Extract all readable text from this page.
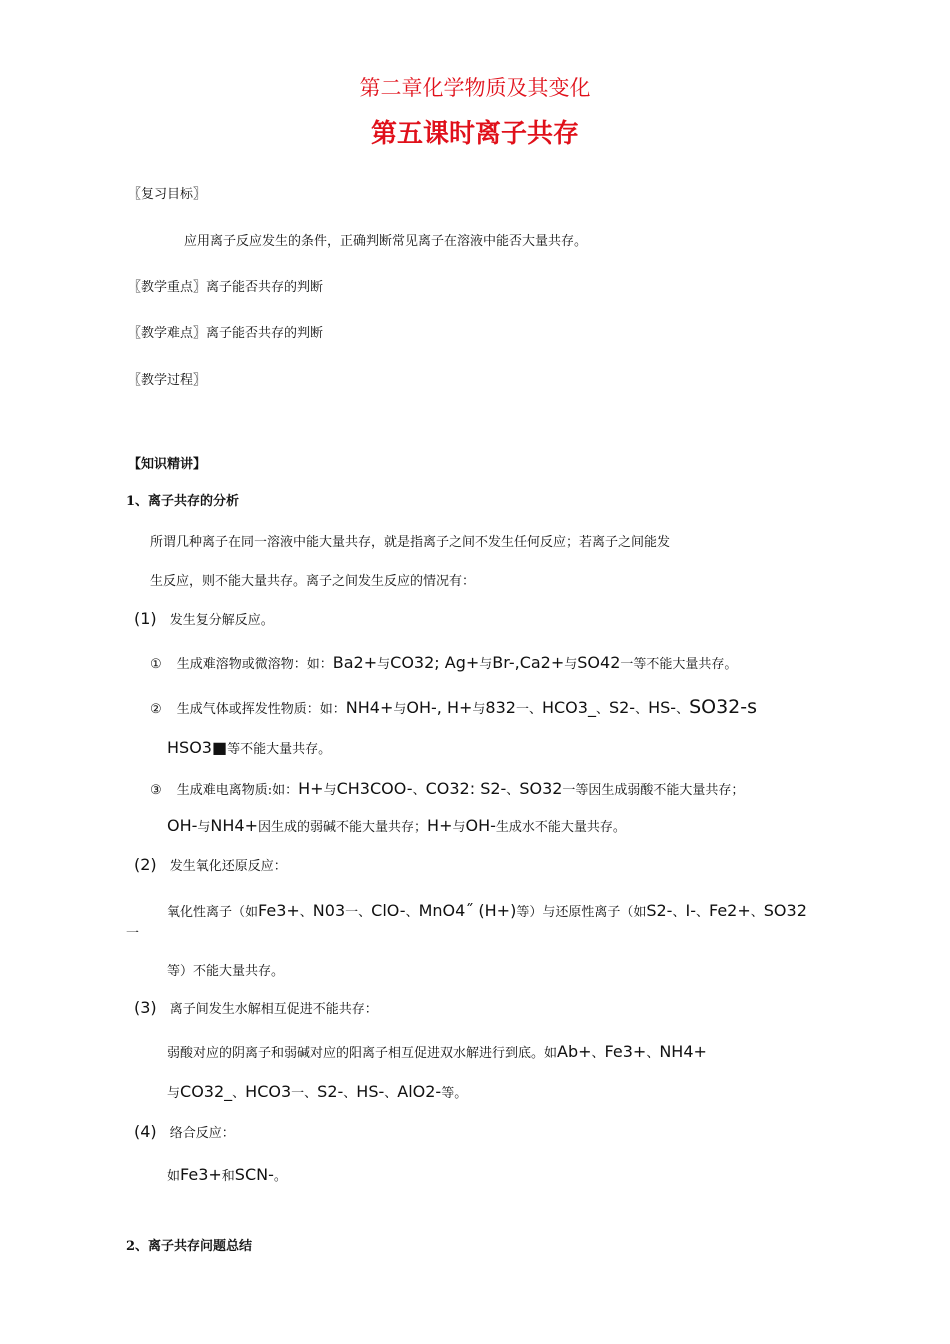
第二章化学物质及其变化
第五课时离子共存
〖复习目标〗
应用离子反应发生的条件，正确判断常见离子在溶液中能否大量共存。
〖教学重点〗离子能否共存的判断
〖教学难点〗离子能否共存的判断
〖教学过程〗
【知识精讲】
1、离子共存的分析
所谓几种离子在同一溶液中能大量共存，就是指离子之间不发生任何反应；若离子之间能发
生反应，则不能大量共存。离子之间发生反应的情况有：
(1) 发生复分解反应。
① 生成难溶物或微溶物：如：Ba2+与CO32; Ag+与Br-,Ca2+与SO42一等不能大量共存。
② 生成气体或挥发性物质：如：NH4+与OH-, H+与832一、HCO3_、S2-、HS-、SO32-s
HSO3■等不能大量共存。
③ 生成难电离物质:如：H+与CH3COO-、CO32: S2-、SO32一等因生成弱酸不能大量共存；
OH-与NH4+因生成的弱碱不能大量共存；H+与OH-生成水不能大量共存。
(2) 发生氧化还原反应：
氧化性离子（如Fe3+、N03一、ClO-、MnO4˝ (H+)等）与还原性离子（如S2-、I-、Fe2+、SO32
一
等）不能大量共存。
(3) 离子间发生水解相互促进不能共存：
弱酸对应的阴离子和弱碱对应的阳离子相互促进双水解进行到底。如Ab+、Fe3+、NH4+
与CO32_、HCO3一、S2-、HS-、AlO2-等。
(4) 络合反应：
如Fe3+和SCN-。
2、离子共存问题总结
